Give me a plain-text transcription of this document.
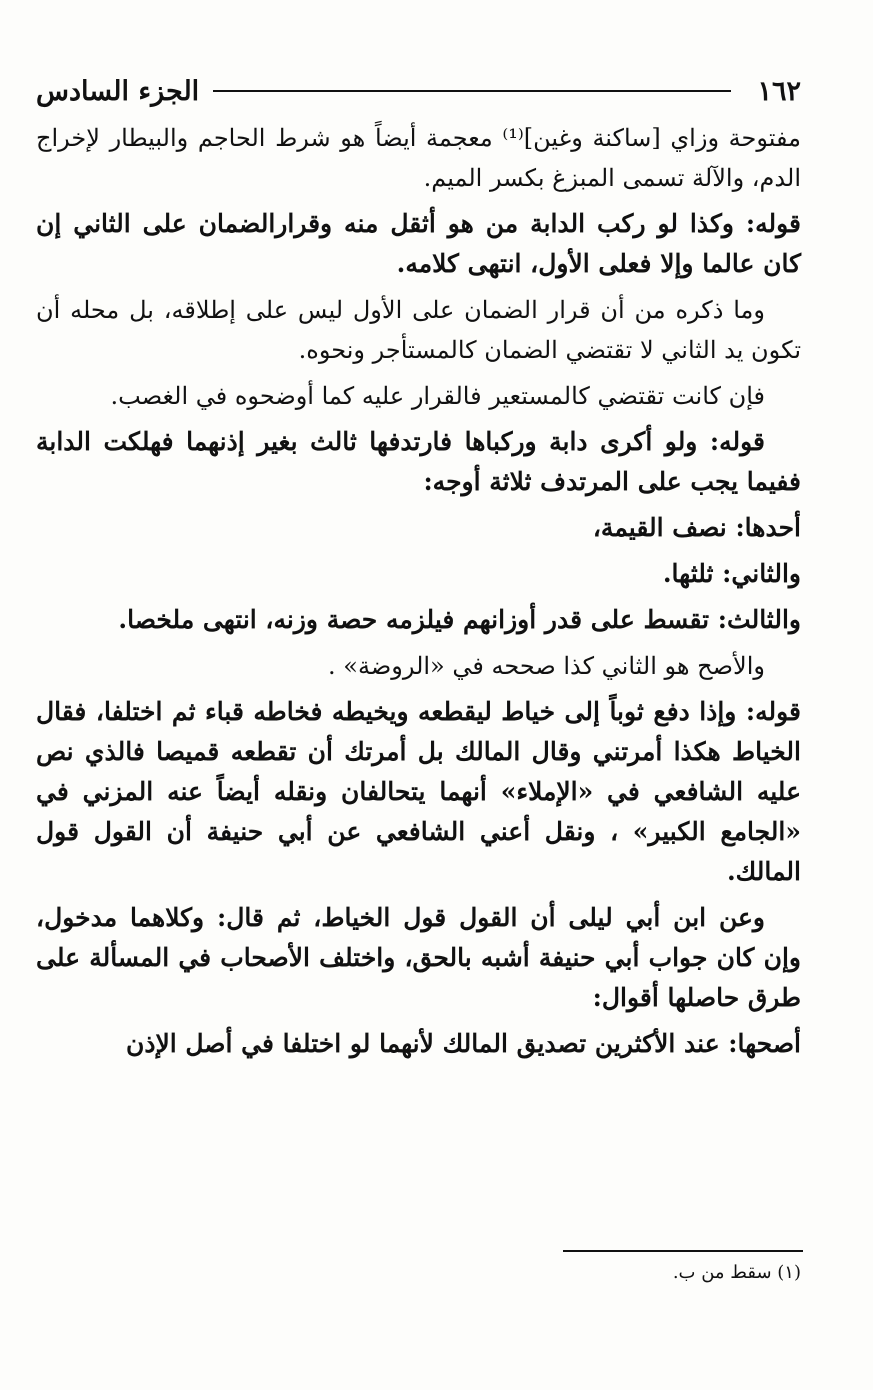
١٦٢
الجزء السادس

مفتوحة وزاي [ساكنة وغين]⁽¹⁾ معجمة أيضاً هو شرط الحاجم والبيطار لإخراج الدم، والآلة تسمى المبزغ بكسر الميم.

قوله: وكذا لو ركب الدابة من هو أثقل منه وقرارالضمان على الثاني إن كان عالما وإلا فعلى الأول، انتهى كلامه.

وما ذكره من أن قرار الضمان على الأول ليس على إطلاقه، بل محله أن تكون يد الثاني لا تقتضي الضمان كالمستأجر ونحوه.

فإن كانت تقتضي كالمستعير فالقرار عليه كما أوضحوه في الغصب.

قوله: ولو أكرى دابة وركباها فارتدفها ثالث بغير إذنهما فهلكت الدابة ففيما يجب على المرتدف ثلاثة أوجه:

أحدها: نصف القيمة،

والثاني: ثلثها.

والثالث: تقسط على قدر أوزانهم فيلزمه حصة وزنه، انتهى ملخصا.

والأصح هو الثاني كذا صححه في «الروضة» .

قوله: وإذا دفع ثوباً إلى خياط ليقطعه ويخيطه فخاطه قباء ثم اختلفا، فقال الخياط هكذا أمرتني وقال المالك بل أمرتك أن تقطعه قميصا فالذي نص عليه الشافعي في «الإملاء» أنهما يتحالفان ونقله أيضاً عنه المزني في «الجامع الكبير» ، ونقل أعني الشافعي عن أبي حنيفة أن القول قول المالك.

وعن ابن أبي ليلى أن القول قول الخياط، ثم قال: وكلاهما مدخول، وإن كان جواب أبي حنيفة أشبه بالحق، واختلف الأصحاب في المسألة على طرق حاصلها أقوال:

أصحها: عند الأكثرين تصديق المالك لأنهما لو اختلفا في أصل الإذن

(١) سقط من ب.
